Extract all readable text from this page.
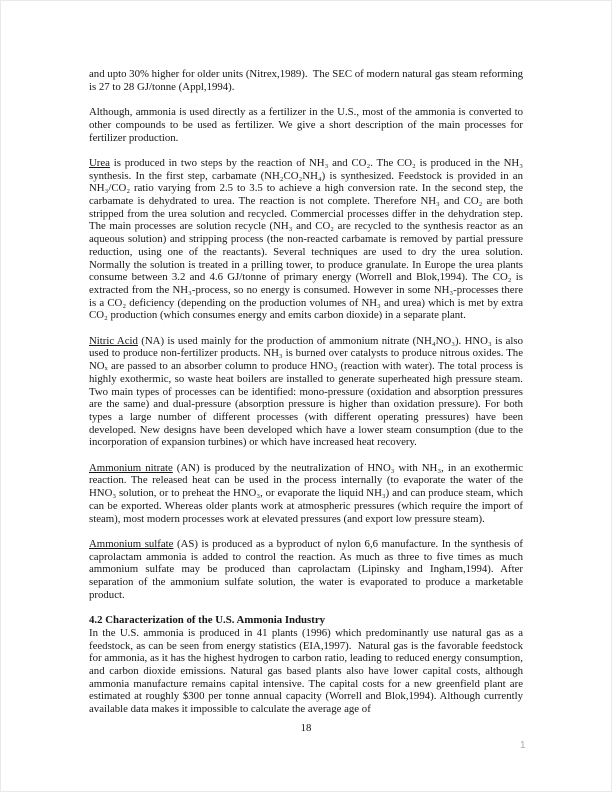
and upto 30% higher for older units (Nitrex,1989).  The SEC of modern natural gas steam reforming is 27 to 28 GJ/tonne (Appl,1994).

Although, ammonia is used directly as a fertilizer in the U.S., most of the ammonia is converted to other compounds to be used as fertilizer. We give a short description of the main processes for fertilizer production.

Urea is produced in two steps by the reaction of NH₃ and CO₂. The CO₂ is produced in the NH₃ synthesis. In the first step, carbamate (NH₂CO₂NH₄) is synthesized. Feedstock is provided in an NH₃/CO₂ ratio varying from 2.5 to 3.5 to achieve a high conversion rate. In the second step, the carbamate is dehydrated to urea. The reaction is not complete. Therefore NH₃ and CO₂ are both stripped from the urea solution and recycled. Commercial processes differ in the dehydration step. The main processes are solution recycle (NH₃ and CO₂ are recycled to the synthesis reactor as an aqueous solution) and stripping process (the non-reacted carbamate is removed by partial pressure reduction, using one of the reactants). Several techniques are used to dry the urea solution. Normally the solution is treated in a prilling tower, to produce granulate. In Europe the urea plants consume between 3.2 and 4.6 GJ/tonne of primary energy (Worrell and Blok,1994). The CO₂ is extracted from the NH₃-process, so no energy is consumed. However in some NH₃-processes there is a CO₂ deficiency (depending on the production volumes of NH₃ and urea) which is met by extra CO₂ production (which consumes energy and emits carbon dioxide) in a separate plant.

Nitric Acid (NA) is used mainly for the production of ammonium nitrate (NH₄NO₃). HNO₃ is also used to produce non-fertilizer products. NH₃ is burned over catalysts to produce nitrous oxides. The NOₓ are passed to an absorber column to produce HNO₃ (reaction with water). The total process is highly exothermic, so waste heat boilers are installed to generate superheated high pressure steam. Two main types of processes can be identified: mono-pressure (oxidation and absorption pressures are the same) and dual-pressure (absorption pressure is higher than oxidation pressure). For both types a large number of different processes (with different operating pressures) have been developed. New designs have been developed which have a lower steam consumption (due to the incorporation of expansion turbines) or which have increased heat recovery.

Ammonium nitrate (AN) is produced by the neutralization of HNO₃ with NH₃, in an exothermic reaction. The released heat can be used in the process internally (to evaporate the water of the HNO₃ solution, or to preheat the HNO₃, or evaporate the liquid NH₃) and can produce steam, which can be exported. Whereas older plants work at atmospheric pressures (which require the import of steam), most modern processes work at elevated pressures (and export low pressure steam).

Ammonium sulfate (AS) is produced as a byproduct of nylon 6,6 manufacture. In the synthesis of caprolactam ammonia is added to control the reaction. As much as three to five times as much ammonium sulfate may be produced than caprolactam (Lipinsky and Ingham,1994). After separation of the ammonium sulfate solution, the water is evaporated to produce a marketable product.

4.2 Characterization of the U.S. Ammonia Industry

In the U.S. ammonia is produced in 41 plants (1996) which predominantly use natural gas as a feedstock, as can be seen from energy statistics (EIA,1997).  Natural gas is the favorable feedstock for ammonia, as it has the highest hydrogen to carbon ratio, leading to reduced energy consumption, and carbon dioxide emissions. Natural gas based plants also have lower capital costs, although ammonia manufacture remains capital intensive. The capital costs for a new greenfield plant are estimated at roughly $300 per tonne annual capacity (Worrell and Blok,1994). Although currently available data makes it impossible to calculate the average age of

18
1
